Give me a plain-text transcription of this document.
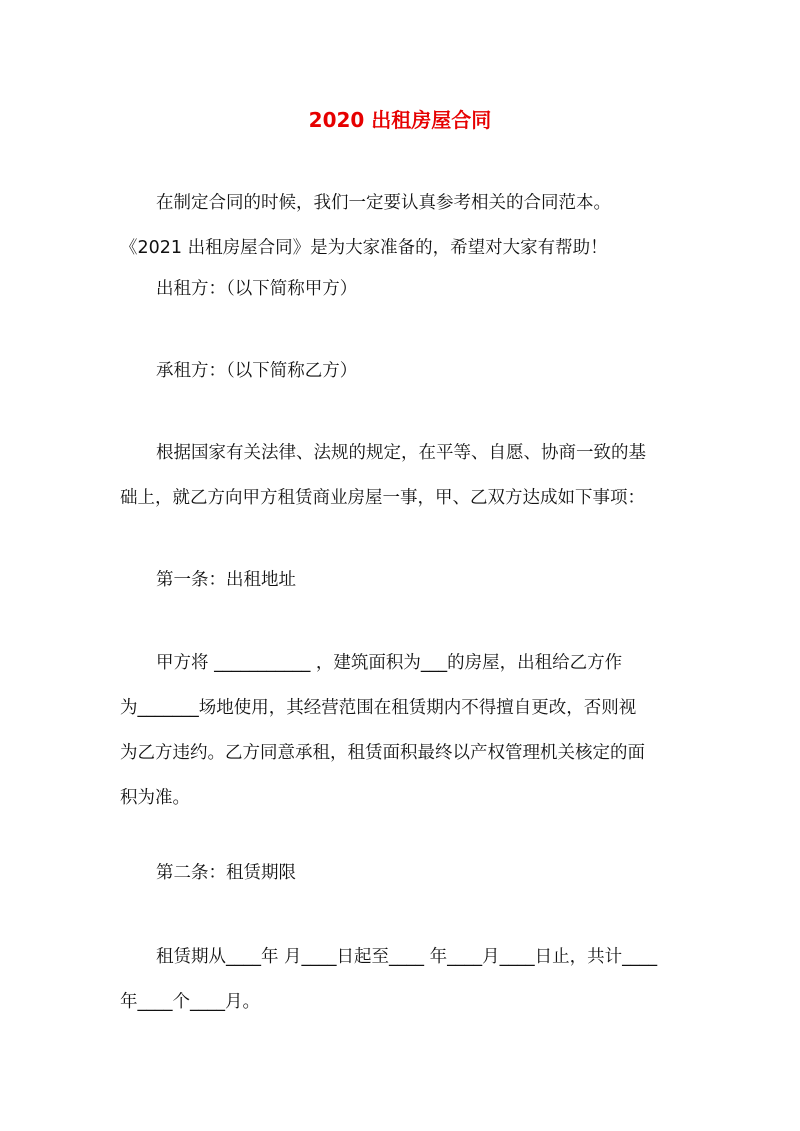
2020 出租房屋合同

在制定合同的时候，我们一定要认真参考相关的合同范本。
《2021 出租房屋合同》是为大家准备的，希望对大家有帮助！

出租方：（以下简称甲方）

承租方：（以下简称乙方）

根据国家有关法律、法规的规定，在平等、自愿、协商一致的基
础上，就乙方向甲方租赁商业房屋一事，甲、乙双方达成如下事项：

第一条：出租地址

甲方将 ___________ ，建筑面积为___的房屋，出租给乙方作
为_______场地使用，其经营范围在租赁期内不得擅自更改，否则视
为乙方违约。乙方同意承租，租赁面积最终以产权管理机关核定的面
积为准。

第二条：租赁期限

租赁期从____年 月____日起至____ 年____月____日止，共计____
年____个____月。
